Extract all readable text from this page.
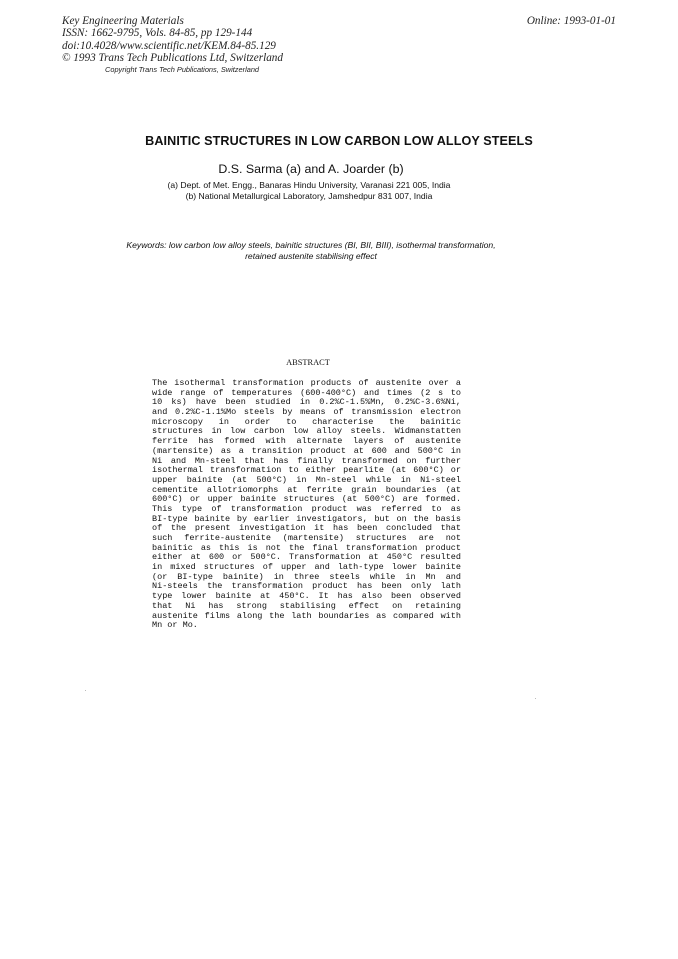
Key Engineering Materials
ISSN: 1662-9795, Vols. 84-85, pp 129-144
doi:10.4028/www.scientific.net/KEM.84-85.129
© 1993 Trans Tech Publications Ltd, Switzerland
Online: 1993-01-01
Copyright Trans Tech Publications, Switzerland
BAINITIC STRUCTURES IN LOW CARBON LOW ALLOY STEELS
D.S. Sarma (a) and A. Joarder (b)
(a) Dept. of Met. Engg., Banaras Hindu University, Varanasi 221 005, India
(b) National Metallurgical Laboratory, Jamshedpur 831 007, India
Keywords: low carbon low alloy steels, bainitic structures (BI, BII, BIII), isothermal transformation,
retained austenite stabilising effect
ABSTRACT
The isothermal transformation products of austenite over a
wide range of temperatures (600-400°C) and times (2 s to
10 ks) have been studied in 0.2%C-1.5%Mn, 0.2%C-3.6%Ni,
and 0.2%C-1.1%Mo steels by means of transmission electron
microscopy in order to characterise the bainitic
structures in low carbon low alloy steels. Widmanstatten
ferrite has formed with alternate layers of austenite
(martensite) as a transition product at 600 and 500°C in
Ni and Mn-steel that has finally transformed on further
isothermal transformation to either pearlite (at 600°C) or
upper bainite (at 500°C) in Mn-steel while in Ni-steel
cementite allotriomorphs at ferrite grain boundaries (at
600°C) or upper bainite structures (at 500°C) are formed.
This type of transformation product was referred to as
BI-type bainite by earlier investigators, but on the basis
of the present investigation it has been concluded that
such ferrite-austenite (martensite) structures are not
bainitic as this is not the final transformation product
either at 600 or 500°C. Transformation at 450°C resulted
in mixed structures of upper and lath-type lower bainite
(or BI-type bainite) in three steels while in Mn and
Ni-steels the transformation product has been only lath
type lower bainite at 450°C. It has also been observed
that Ni has strong stabilising effect on retaining
austenite films along the lath boundaries as compared with
Mn or Mo.
